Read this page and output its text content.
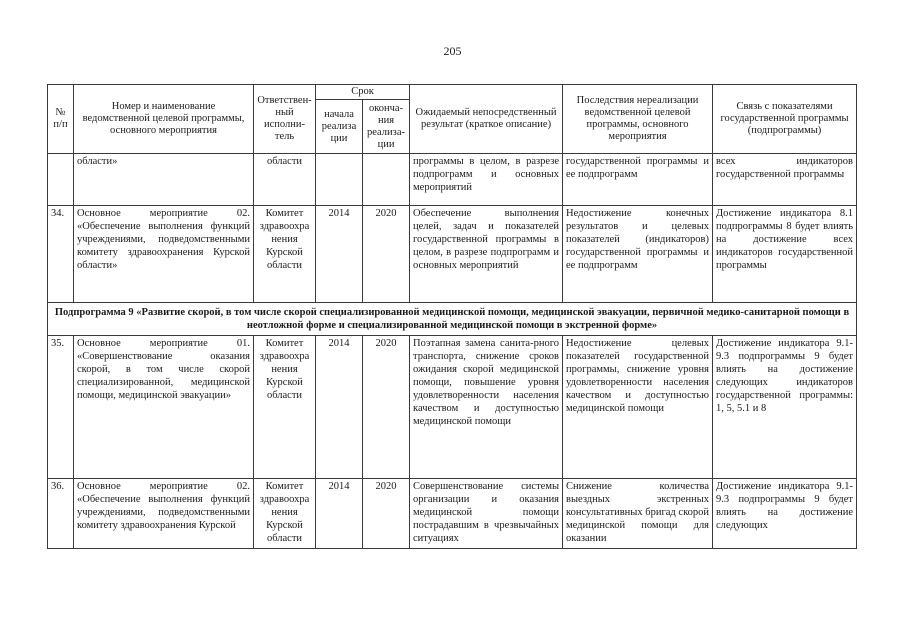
205
№ п/п	Номер и наименование ведомственной целевой программы, основного мероприятия	Ответствен-ный исполни-тель	Срок		Ожидаемый непосредственный результат (краткое описание)	Последствия нереализации ведомственной целевой программы, основного мероприятия	Связь с показателями государственной программы (подпрограммы)
			начала реализа ции	оконча-ния реализа-ции			
	области»	области			программы в целом, в разрезе подпрограмм и основных мероприятий	государственной программы и ее подпрограмм	всех индикаторов государственной программы
34.	Основное мероприятие 02. «Обеспечение выполнения функций учреждениями, подведомственными комитету здравоохранения Курской области»	Комитет здравоохра нения Курской области	2014	2020	Обеспечение выполнения целей, задач и показателей государственной программы в целом, в разрезе подпрограмм и основных мероприятий	Недостижение конечных результатов и целевых показателей (индикаторов) государственной программы и ее подпрограмм	Достижение индикатора 8.1 подпрограммы 8 будет влиять на достижение всех индикаторов государственной программы
Подпрограмма 9 «Развитие скорой, в том числе скорой специализированной медицинской помощи, медицинской эвакуации, первичной медико-санитарной помощи в неотложной форме и специализированной медицинской помощи в экстренной форме»							
35.	Основное мероприятие 01. «Совершенствование оказания скорой, в том числе скорой специализированной, медицинской помощи, медицинской эвакуации»	Комитет здравоохра нения Курской области	2014	2020	Поэтапная замена санита-рного транспорта, снижение сроков ожидания скорой медицинской помощи, повышение уровня удовлетворенности населения качеством и доступностью медицинской помощи	Недостижение целевых показателей государственной программы, снижение уровня удовлетворенности населения качеством и доступностью медицинской помощи	Достижение индикатора 9.1-9.3 подпрограммы 9 будет влиять на достижение следующих индикаторов государственной программы: 1, 5, 5.1 и 8
36.	Основное мероприятие 02. «Обеспечение выполнения функций учреждениями, подведомственными комитету здравоохранения Курской	Комитет здравоохра нения Курской области	2014	2020	Совершенствование системы организации и оказания медицинской помощи пострадавшим в чрезвычайных ситуациях	Снижение количества выездных экстренных консультативных бригад скорой медицинской помощи для оказании	Достижение индикатора 9.1-9.3 подпрограммы 9 будет влиять на достижение следующих
